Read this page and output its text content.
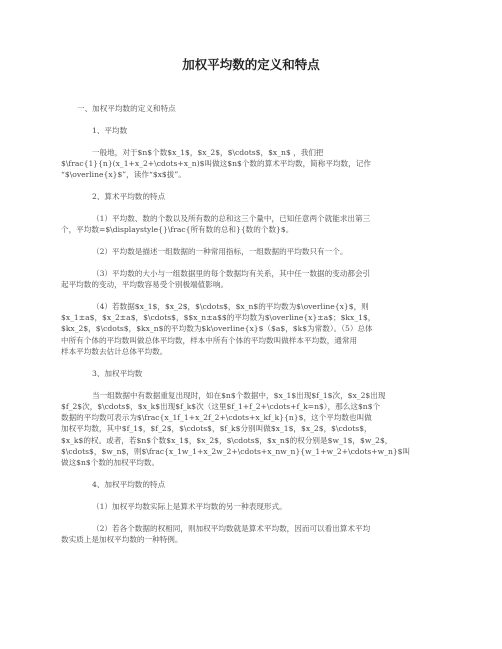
加权平均数的定义和特点

一、加权平均数的定义和特点

1、平均数

一般地，对于$n$个数$x_1$，$x_2$，$\cdots$，$x_n$ ，我们把

$\frac{1}{n}(x_1+x_2+\cdots+x_n)$叫做这$n$个数的算术平均数，简称平均数，记作

“$\overline{x}$”，读作“$x$拔”。

2、算术平均数的特点

（1）平均数、数的个数以及所有数的总和这三个量中，已知任意两个就能求出第三

个，平均数=$\displaystyle{}\frac{所有数的总和}{数的个数}$。

（2）平均数是描述一组数据的一种常用指标，一组数据的平均数只有一个。

（3）平均数的大小与一组数据里的每个数据均有关系，其中任一数据的变动都会引

起平均数的变动，平均数容易受个别极端值影响。

（4）若数据$x_1$，$x_2$，$\cdots$，$x_n$的平均数为$\overline{x}$，则

$x_1±a$，$x_2±a$，$\cdots$，$$x_n±a$$的平均数为$\overline{x}±a$；$kx_1$，

$kx_2$，$\cdots$，$kx_n$的平均数为$k\overline{x}$（$a$，$k$为常数）。（5）总体

中所有个体的平均数叫做总体平均数，样本中所有个体的平均数叫做样本平均数，通常用

样本平均数去估计总体平均数。

3、加权平均数

当一组数据中有数据重复出现时，如在$n$个数据中，$x_1$出现$f_1$次，$x_2$出现

$f_2$次，$\cdots$，$x_k$出现$f_k$次（这里$f_1+f_2+\cdots+f_k=n$），那么这$n$个

数据的平均数可表示为$\frac{x_1f_1+x_2f_2+\cdots+x_kf_k}{n}$，这个平均数也叫做

加权平均数，其中$f_1$，$f_2$，$\cdots$，$f_k$分别叫做$x_1$，$x_2$，$\cdots$，

$x_k$的权。或者，若$n$个数$x_1$，$x_2$，$\cdots$，$x_n$的权分别是$w_1$，$w_2$，

$\cdots$，$w_n$，则$\frac{x_1w_1+x_2w_2+\cdots+x_nw_n}{w_1+w_2+\cdots+w_n}$叫

做这$n$个数的加权平均数。

4、加权平均数的特点

（1）加权平均数实际上是算术平均数的另一种表现形式。

（2）若各个数据的权相同，则加权平均数就是算术平均数，因而可以看出算术平均

数实质上是加权平均数的一种特例。
